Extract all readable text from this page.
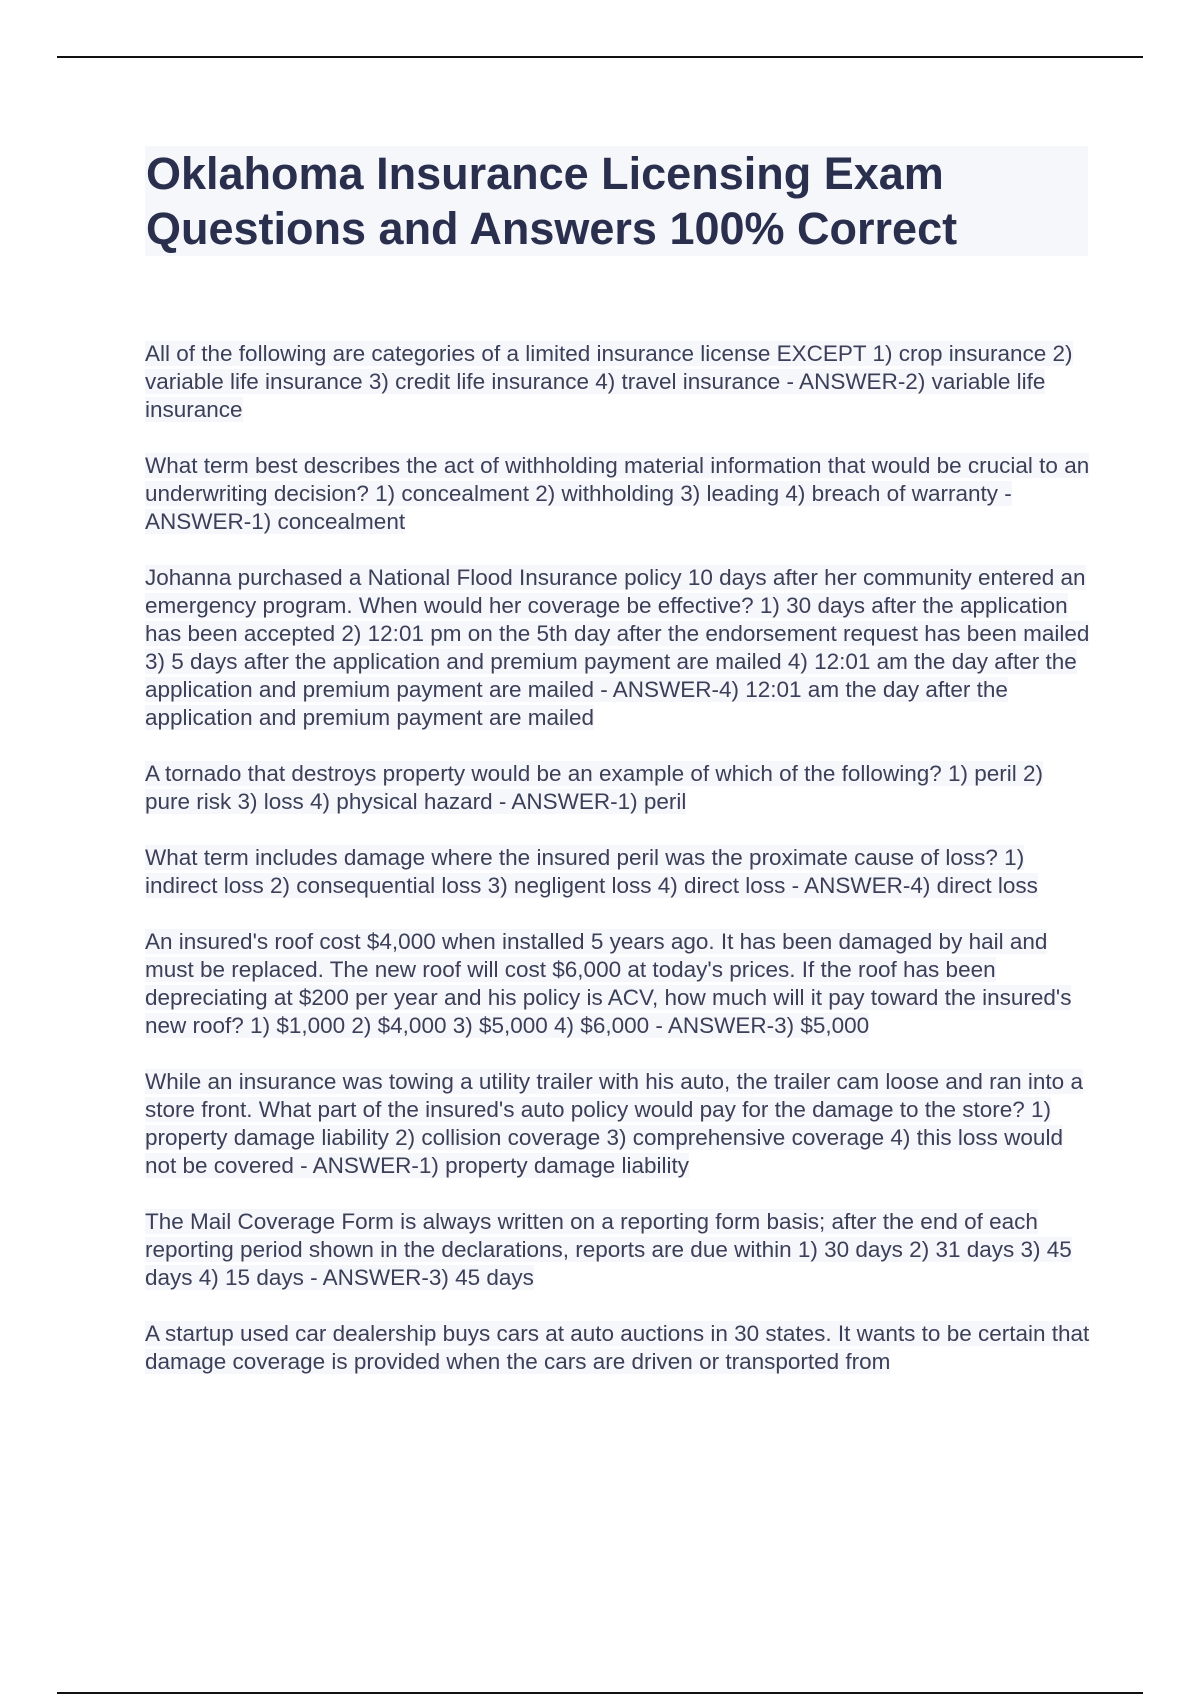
Oklahoma Insurance Licensing Exam Questions and Answers 100% Correct

All of the following are categories of a limited insurance license EXCEPT 1) crop insurance 2) variable life insurance 3) credit life insurance 4) travel insurance - ANSWER-2) variable life insurance

What term best describes the act of withholding material information that would be crucial to an underwriting decision? 1) concealment 2) withholding 3) leading 4) breach of warranty - ANSWER-1) concealment

Johanna purchased a National Flood Insurance policy 10 days after her community entered an emergency program. When would her coverage be effective? 1) 30 days after the application has been accepted 2) 12:01 pm on the 5th day after the endorsement request has been mailed 3) 5 days after the application and premium payment are mailed 4) 12:01 am the day after the application and premium payment are mailed - ANSWER-4) 12:01 am the day after the application and premium payment are mailed

A tornado that destroys property would be an example of which of the following? 1) peril 2) pure risk 3) loss 4) physical hazard - ANSWER-1) peril

What term includes damage where the insured peril was the proximate cause of loss? 1) indirect loss 2) consequential loss 3) negligent loss 4) direct loss - ANSWER-4) direct loss

An insured's roof cost $4,000 when installed 5 years ago. It has been damaged by hail and must be replaced. The new roof will cost $6,000 at today's prices. If the roof has been depreciating at $200 per year and his policy is ACV, how much will it pay toward the insured's new roof? 1) $1,000 2) $4,000 3) $5,000 4) $6,000 - ANSWER-3) $5,000

While an insurance was towing a utility trailer with his auto, the trailer cam loose and ran into a store front. What part of the insured's auto policy would pay for the damage to the store? 1) property damage liability 2) collision coverage 3) comprehensive coverage 4) this loss would not be covered - ANSWER-1) property damage liability

The Mail Coverage Form is always written on a reporting form basis; after the end of each reporting period shown in the declarations, reports are due within 1) 30 days 2) 31 days 3) 45 days 4) 15 days - ANSWER-3) 45 days

A startup used car dealership buys cars at auto auctions in 30 states. It wants to be certain that damage coverage is provided when the cars are driven or transported from
